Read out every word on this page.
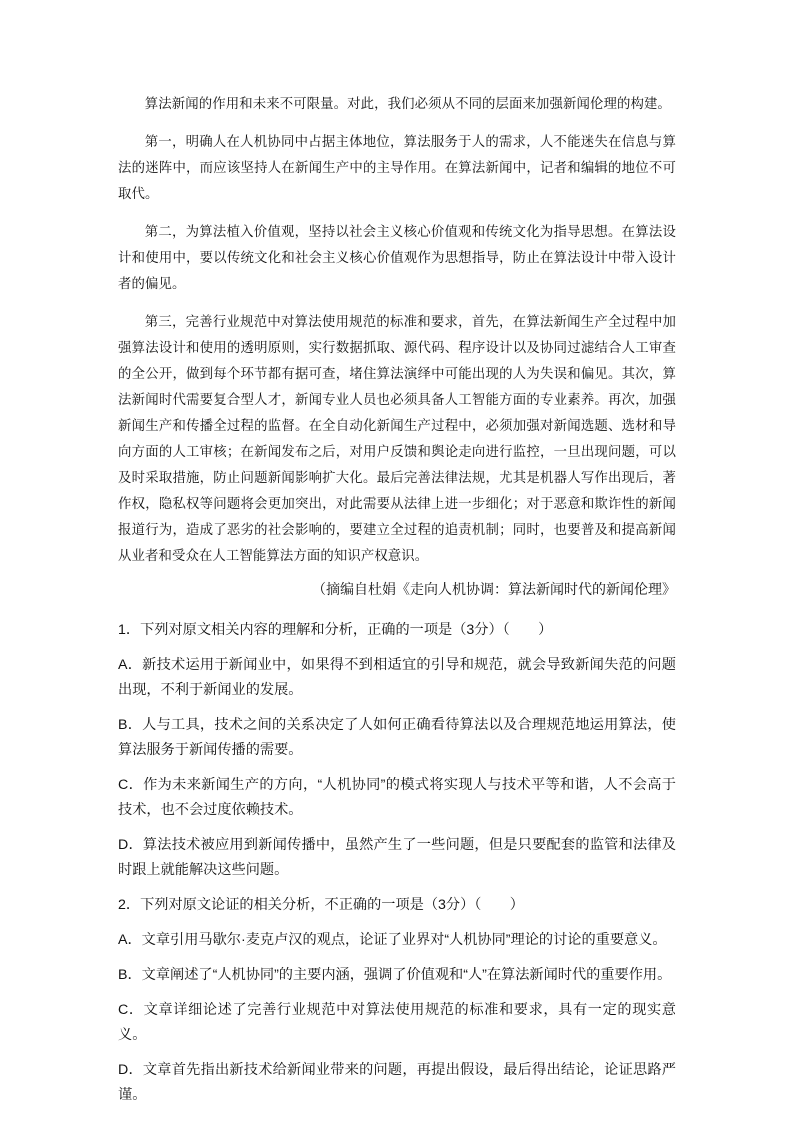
算法新闻的作用和未来不可限量。对此，我们必须从不同的层面来加强新闻伦理的构建。

第一，明确人在人机协同中占据主体地位，算法服务于人的需求，人不能迷失在信息与算法的迷阵中，而应该坚持人在新闻生产中的主导作用。在算法新闻中，记者和编辑的地位不可取代。

第二，为算法植入价值观，坚持以社会主义核心价值观和传统文化为指导思想。在算法设计和使用中，要以传统文化和社会主义核心价值观作为思想指导，防止在算法设计中带入设计者的偏见。

第三，完善行业规范中对算法使用规范的标准和要求，首先，在算法新闻生产全过程中加强算法设计和使用的透明原则，实行数据抓取、源代码、程序设计以及协同过滤结合人工审查的全公开，做到每个环节都有据可查，堵住算法演绎中可能出现的人为失误和偏见。其次，算法新闻时代需要复合型人才，新闻专业人员也必须具备人工智能方面的专业素养。再次，加强新闻生产和传播全过程的监督。在全自动化新闻生产过程中，必须加强对新闻选题、选材和导向方面的人工审核；在新闻发布之后，对用户反馈和舆论走向进行监控，一旦出现问题，可以及时采取措施，防止问题新闻影响扩大化。最后完善法律法规，尤其是机器人写作出现后，著作权，隐私权等问题将会更加突出，对此需要从法律上进一步细化；对于恶意和欺诈性的新闻报道行为，造成了恶劣的社会影响的，要建立全过程的追责机制；同时，也要普及和提高新闻从业者和受众在人工智能算法方面的知识产权意识。

（摘编自杜娟《走向人机协调：算法新闻时代的新闻伦理》
1．下列对原文相关内容的理解和分析，正确的一项是（3分）（　　）
A．新技术运用于新闻业中，如果得不到相适宜的引导和规范，就会导致新闻失范的问题出现，不利于新闻业的发展。
B．人与工具，技术之间的关系决定了人如何正确看待算法以及合理规范地运用算法，使算法服务于新闻传播的需要。
C．作为未来新闻生产的方向，“人机协同”的模式将实现人与技术平等和谐，人不会高于技术，也不会过度依赖技术。
D．算法技术被应用到新闻传播中，虽然产生了一些问题，但是只要配套的监管和法律及时跟上就能解决这些问题。
2．下列对原文论证的相关分析，不正确的一项是（3分）（　　）
A．文章引用马歇尔·麦克卢汉的观点，论证了业界对“人机协同”理论的讨论的重要意义。
B．文章阐述了“人机协同”的主要内涵，强调了价值观和“人”在算法新闻时代的重要作用。
C．文章详细论述了完善行业规范中对算法使用规范的标准和要求，具有一定的现实意义。
D．文章首先指出新技术给新闻业带来的问题，再提出假设，最后得出结论，论证思路严谨。
